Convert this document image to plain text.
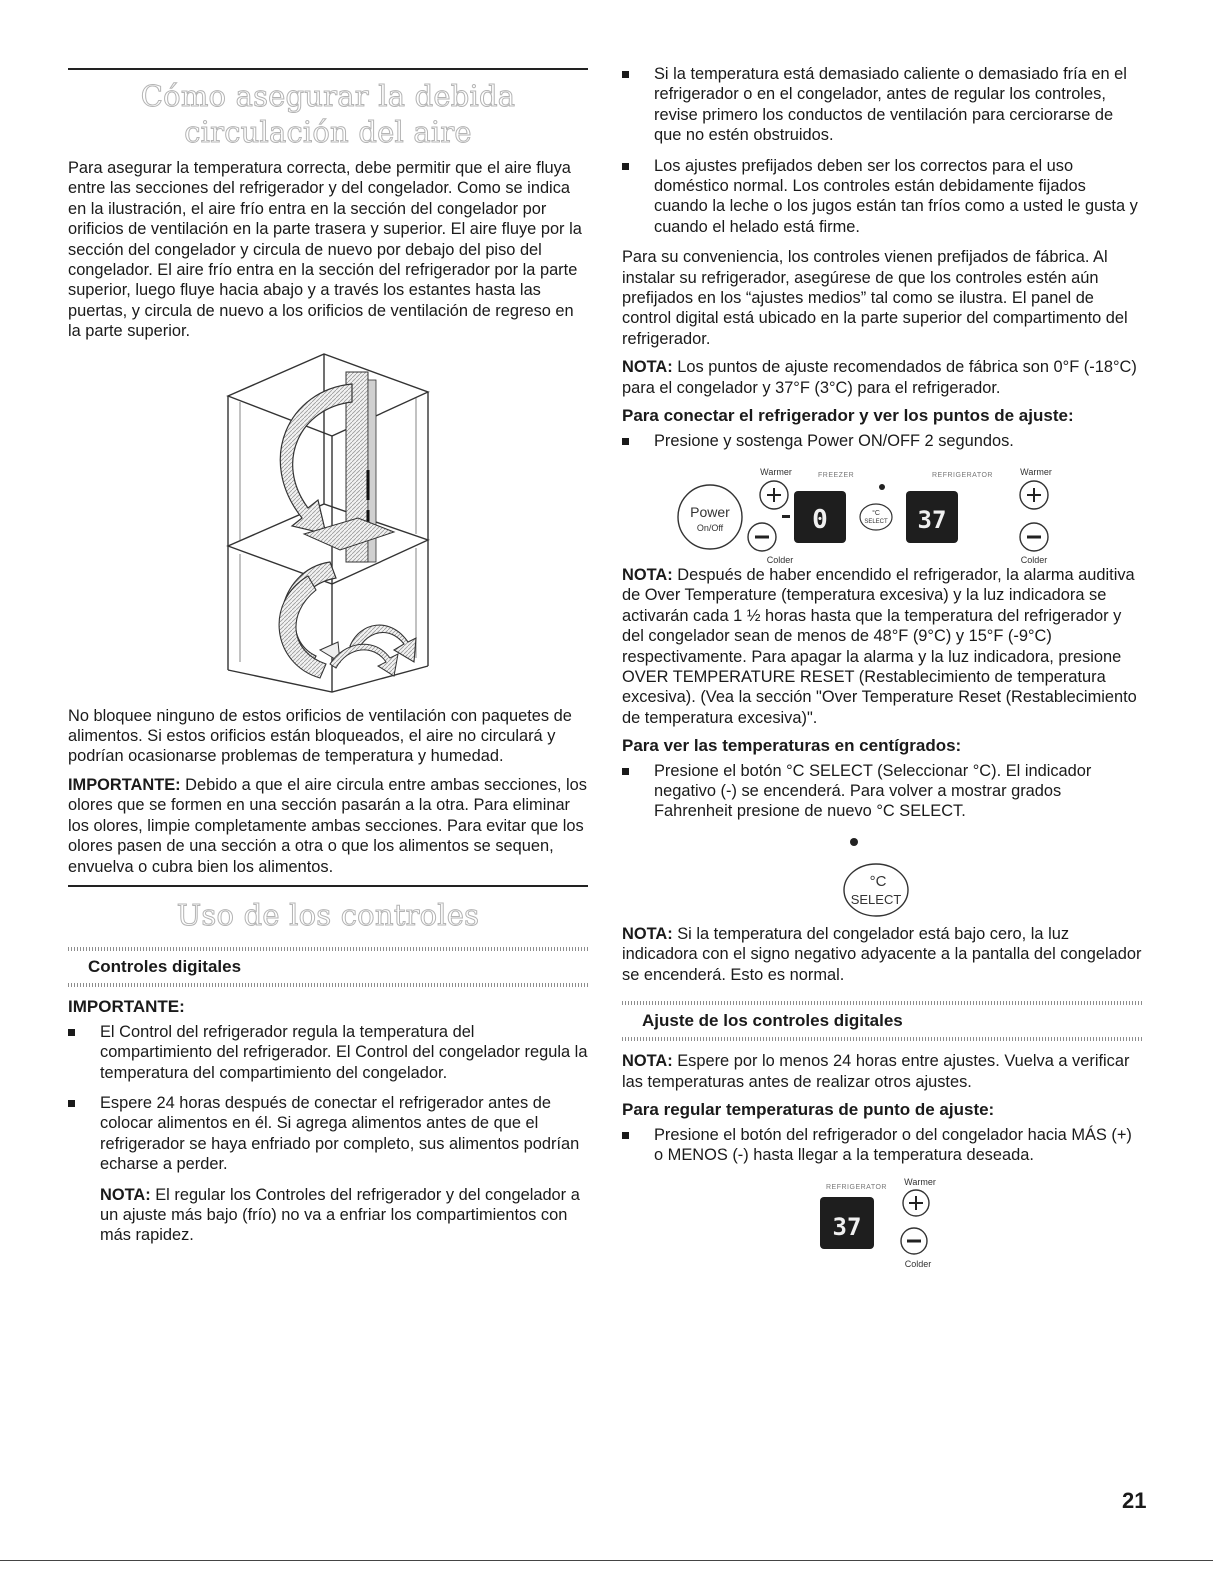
Cómo asegurar la debida circulación del aire

Para asegurar la temperatura correcta, debe permitir que el aire fluya entre las secciones del refrigerador y del congelador. Como se indica en la ilustración, el aire frío entra en la sección del congelador por orificios de ventilación en la parte trasera y superior. El aire fluye por la sección del congelador y circula de nuevo por debajo del piso del congelador. El aire frío entra en la sección del refrigerador por la parte superior, luego fluye hacia abajo y a través los estantes hasta las puertas, y circula de nuevo a los orificios de ventilación de regreso en la parte superior.

No bloquee ninguno de estos orificios de ventilación con paquetes de alimentos. Si estos orificios están bloqueados, el aire no circulará y podrían ocasionarse problemas de temperatura y humedad.

IMPORTANTE: Debido a que el aire circula entre ambas secciones, los olores que se formen en una sección pasarán a la otra. Para eliminar los olores, limpie completamente ambas secciones. Para evitar que los olores pasen de una sección a otra o que los alimentos se sequen, envuelva o cubra bien los alimentos.

Uso de los controles
Controles digitales
IMPORTANTE:
El Control del refrigerador regula la temperatura del compartimiento del refrigerador. El Control del congelador regula la temperatura del compartimiento del congelador.
Espere 24 horas después de conectar el refrigerador antes de colocar alimentos en él. Si agrega alimentos antes de que el refrigerador se haya enfriado por completo, sus alimentos podrían echarse a perder.

NOTA: El regular los Controles del refrigerador y del congelador a un ajuste más bajo (frío) no va a enfriar los compartimientos con más rapidez.

Si la temperatura está demasiado caliente o demasiado fría en el refrigerador o en el congelador, antes de regular los controles, revise primero los conductos de ventilación para cerciorarse de que no estén obstruidos.
Los ajustes prefijados deben ser los correctos para el uso doméstico normal. Los controles están debidamente fijados cuando la leche o los jugos están tan fríos como a usted le gusta y cuando el helado está firme.

Para su conveniencia, los controles vienen prefijados de fábrica. Al instalar su refrigerador, asegúrese de que los controles estén aún prefijados en los “ajustes medios” tal como se ilustra. El panel de control digital está ubicado en la parte superior del compartimento del refrigerador.

NOTA: Los puntos de ajuste recomendados de fábrica son 0°F (-18°C) para el congelador y 37°F (3°C) para el refrigerador.

Para conectar el refrigerador y ver los puntos de ajuste:
Presione y sostenga Power ON/OFF 2 segundos.
Power
On/Off
Warmer
Colder
FREEZER
0	°C
SELECT
REFRIGERATOR
37
Warmer
Colder

NOTA: Después de haber encendido el refrigerador, la alarma auditiva de Over Temperature (temperatura excesiva) y la luz indicadora se activarán cada 1 ½ horas hasta que la temperatura del refrigerador y del congelador sean de menos de 48°F (9°C) y 15°F (-9°C) respectivamente. Para apagar la alarma y la luz indicadora, presione OVER TEMPERATURE RESET (Restablecimiento de temperatura excesiva). (Vea la sección "Over Temperature Reset (Restablecimiento de temperatura excesiva)".

Para ver las temperaturas en centígrados:
Presione el botón °C SELECT (Seleccionar °C). El indicador negativo (-) se encenderá. Para volver a mostrar grados Fahrenheit presione de nuevo °C SELECT.
°C
SELECT

NOTA: Si la temperatura del congelador está bajo cero, la luz indicadora con el signo negativo adyacente a la pantalla del congelador se encenderá. Esto es normal.

Ajuste de los controles digitales

NOTA: Espere por lo menos 24 horas entre ajustes. Vuelva a verificar las temperaturas antes de realizar otros ajustes.

Para regular temperaturas de punto de ajuste:
Presione el botón del refrigerador o del congelador hacia MÁS (+) o MENOS (-) hasta llegar a la temperatura deseada.
REFRIGERATOR
37
Warmer
Colder
21
